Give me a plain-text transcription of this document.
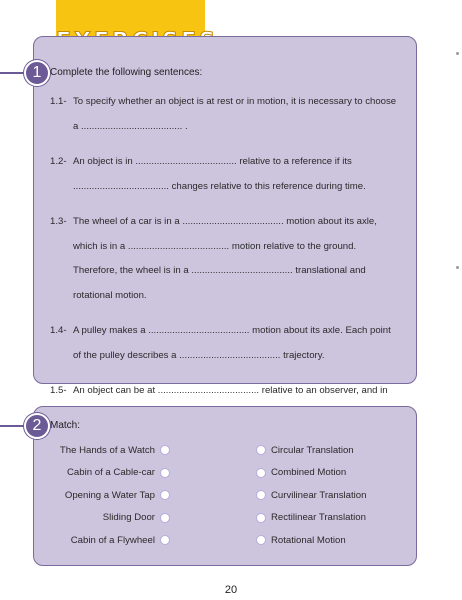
1 Complete the following sentences:
1.1- To specify whether an object is at rest or in motion, it is necessary to choose a ...................................... .
1.2- An object is in ...................................... relative to a reference if its .................................... changes relative to this reference during time.
1.3- The wheel of a car is in a ...................................... motion about its axle, which is in a ...................................... motion relative to the ground. Therefore, the wheel is in a ...................................... translational and rotational motion.
1.4- A pulley makes a ...................................... motion about its axle. Each point of the pulley describes a ...................................... trajectory.
1.5- An object can be at ...................................... relative to an observer, and in
2 Match:
The Hands of a Watch
Cabin of a Cable-car
Opening a Water Tap
Sliding Door
Cabin of a Flywheel
Circular Translation
Combined Motion
Curvilinear Translation
Rectilinear Translation
Rotational Motion
20
